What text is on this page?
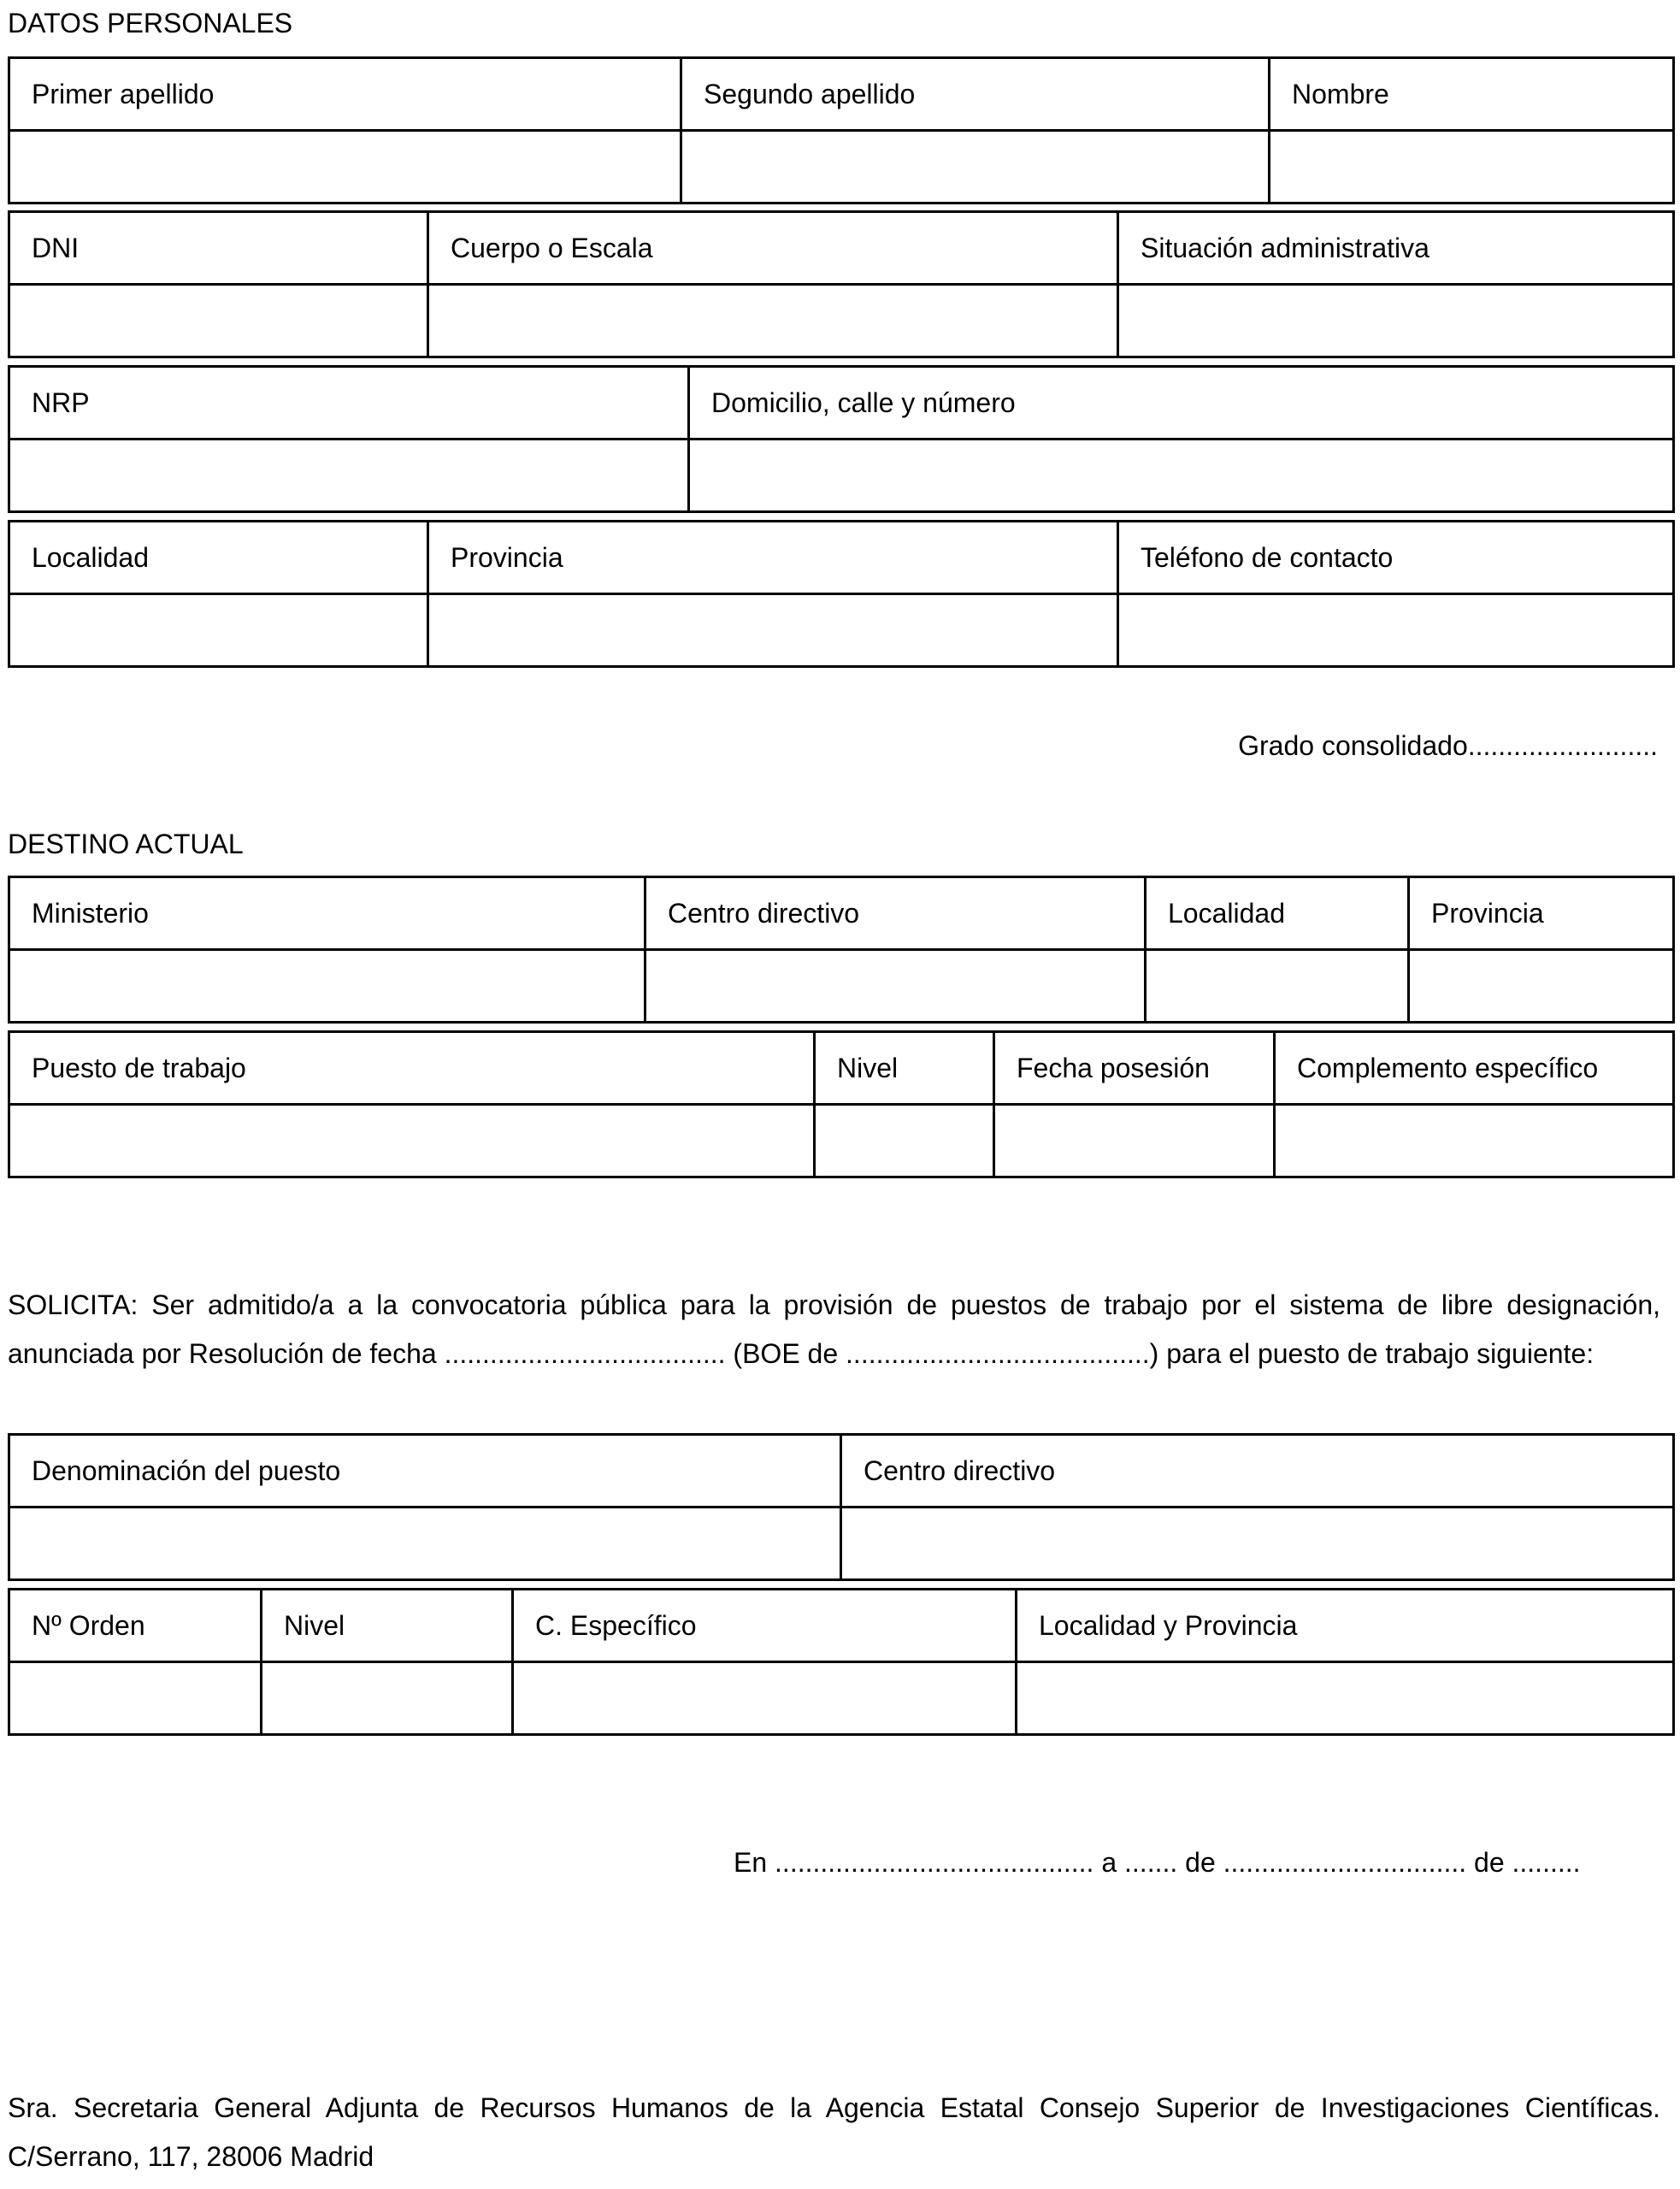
DATOS PERSONALES
Primer apellido	Segundo apellido	Nombre

DNI	Cuerpo o Escala	Situación administrativa

NRP	Domicilio, calle y número

Localidad	Provincia	Teléfono de contacto

Grado consolidado.........................
DESTINO ACTUAL
Ministerio	Centro directivo	Localidad	Provincia

Puesto de trabajo	Nivel	Fecha posesión	Complemento específico

SOLICITA: Ser admitido/a a la convocatoria pública para la provisión de puestos de trabajo por el sistema de libre designación,
anunciada por Resolución de fecha ..................................... (BOE de ........................................) para el puesto de trabajo siguiente:
Denominación del puesto	Centro directivo

Nº Orden	Nivel	C. Específico	Localidad y Provincia

En .......................................... a ....... de ................................ de .........
Sra. Secretaria General Adjunta de Recursos Humanos de la Agencia Estatal Consejo Superior de Investigaciones Científicas.
C/Serrano, 117, 28006 Madrid
